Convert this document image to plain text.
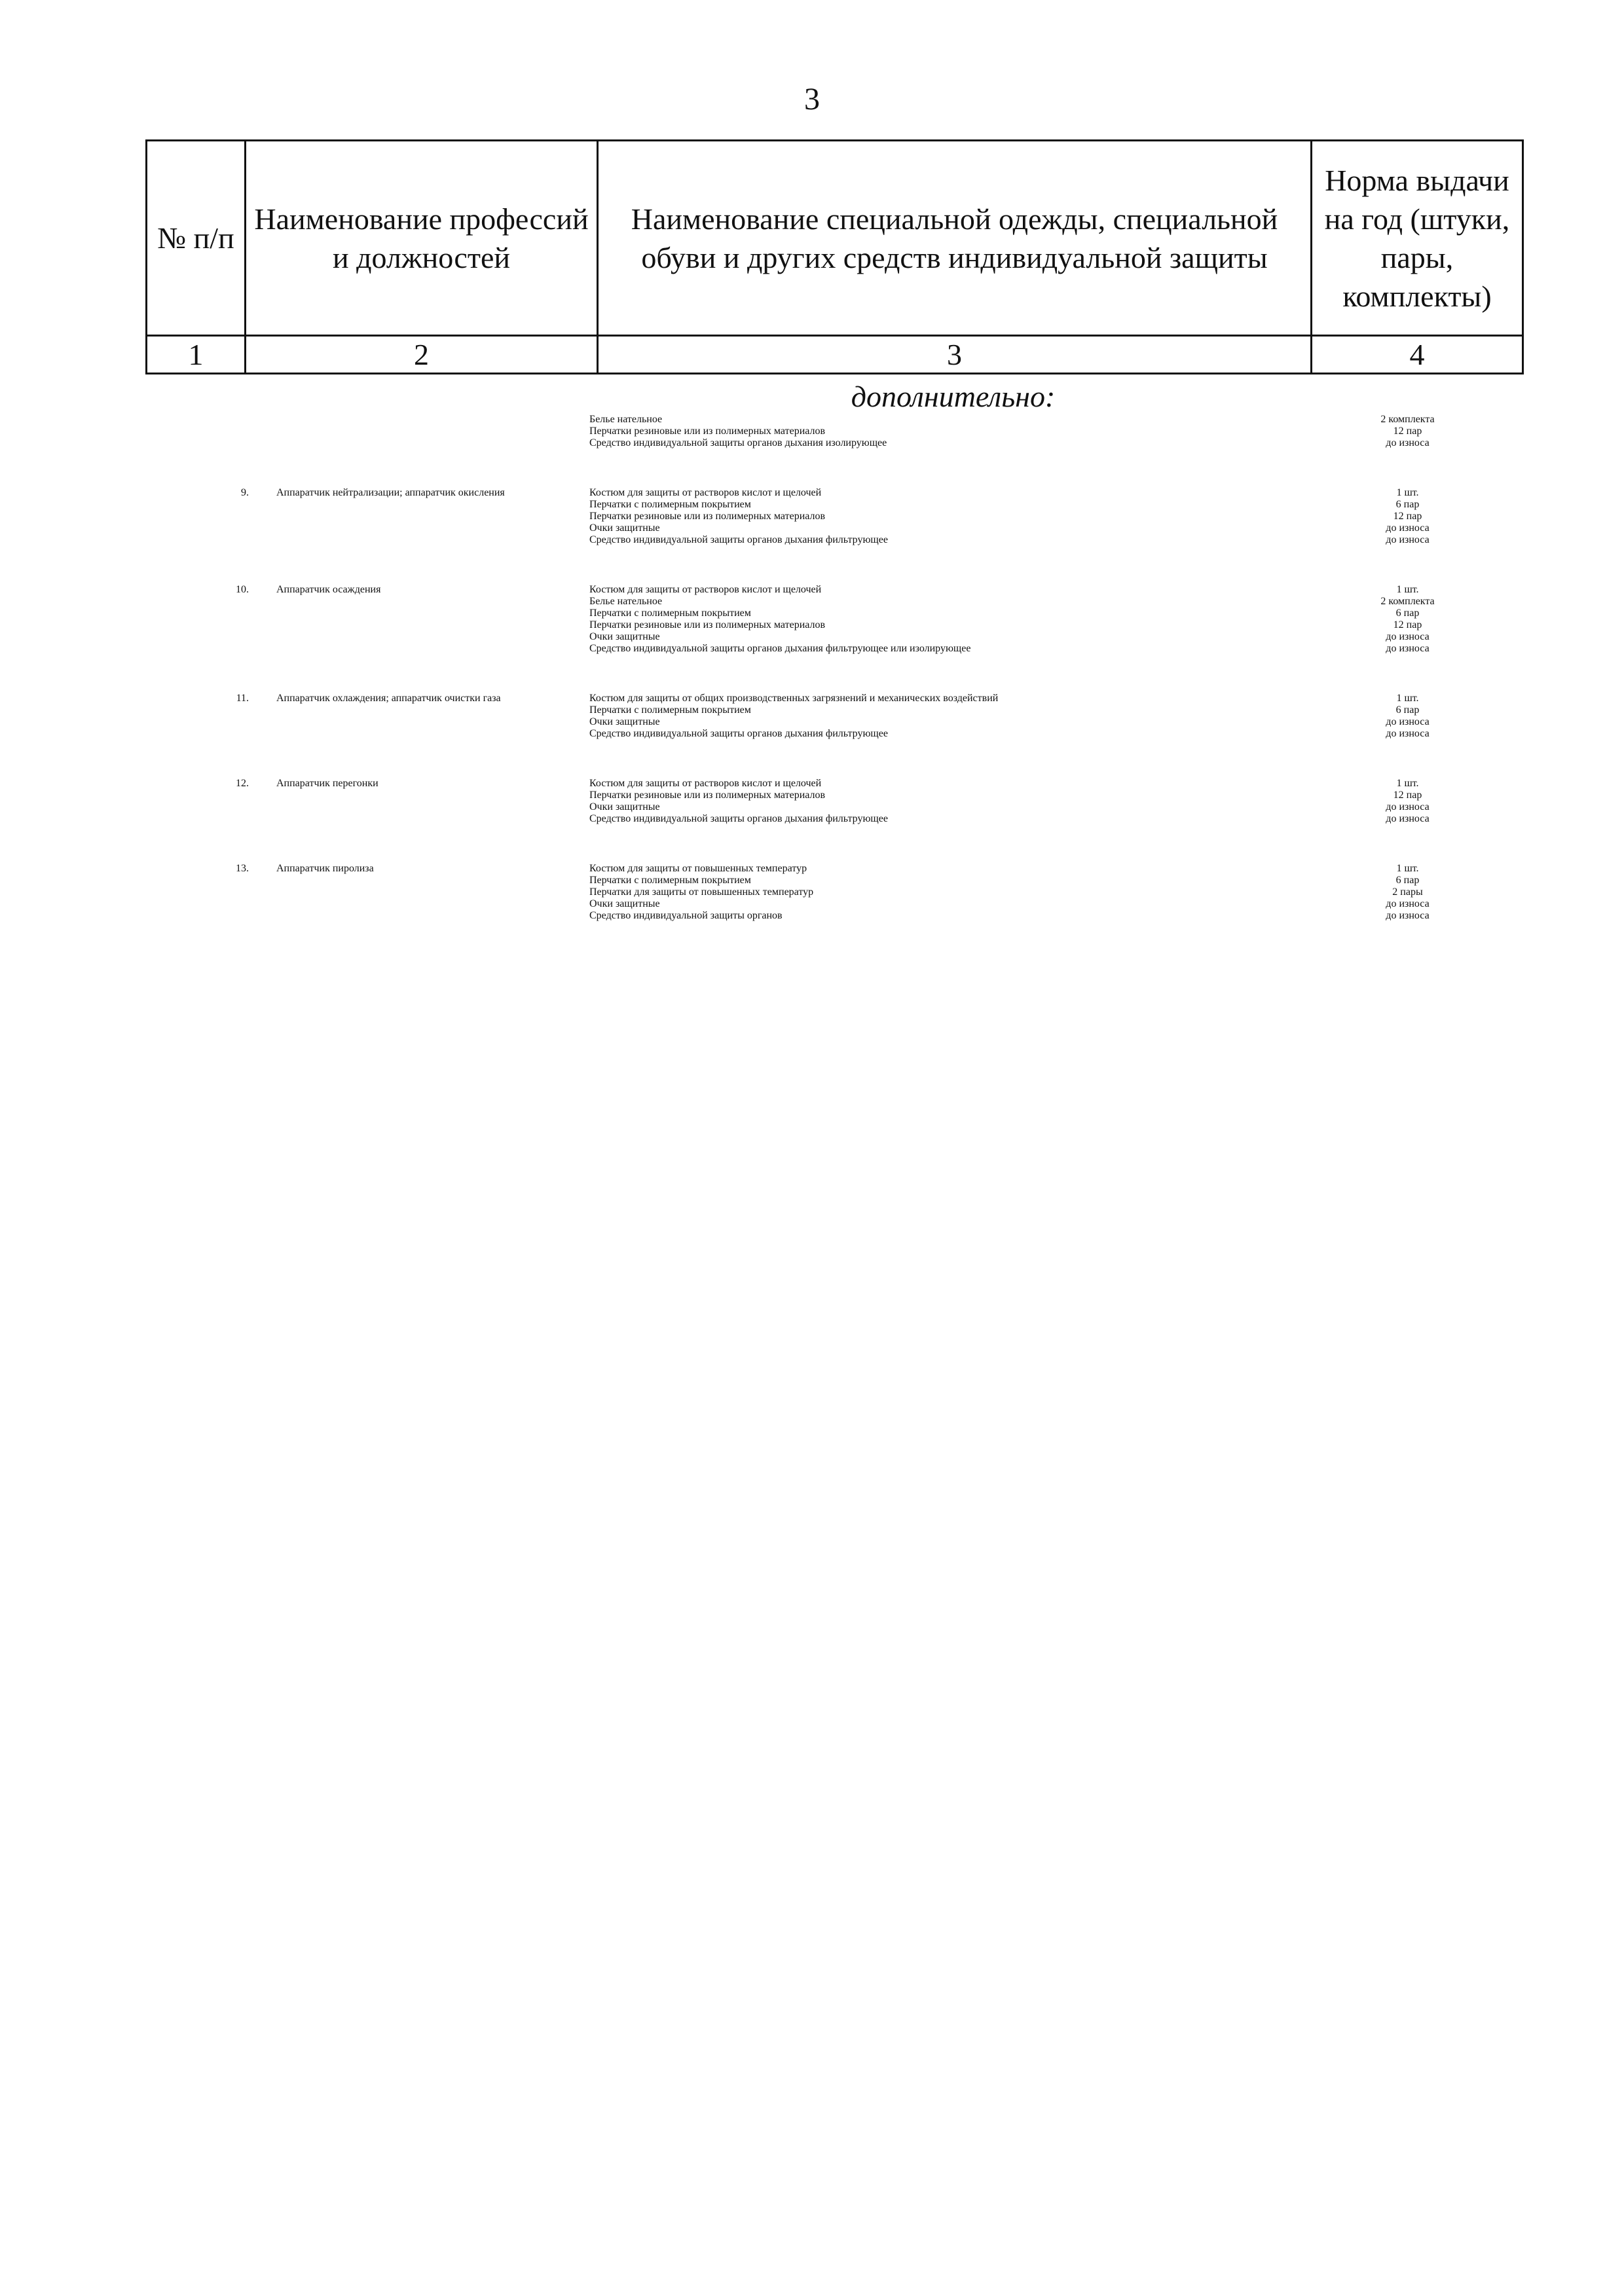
3
№ п/п	Наименование профессий и должностей	Наименование специальной одежды, специальной обуви и других средств индивидуальной защиты	Норма выдачи на год (штуки, пары, комплекты)
1	2	3	4
дополнительно:
Белье нательное	2 комплекта
Перчатки резиновые или из полимерных материалов	12 пар
Средство индивидуальной защиты органов дыхания изолирующее	до износа
9.	Аппаратчик нейтрализации; аппаратчик окисления	Костюм для защиты от растворов кислот и щелочей	1 шт.
Перчатки с полимерным покрытием	6 пар
Перчатки резиновые или из полимерных материалов	12 пар
Очки защитные	до износа
Средство индивидуальной защиты органов дыхания фильтрующее	до износа
10.	Аппаратчик осаждения	Костюм для защиты от растворов кислот и щелочей	1 шт.
Белье нательное	2 комплекта
Перчатки с полимерным покрытием	6 пар
Перчатки резиновые или из полимерных материалов	12 пар
Очки защитные	до износа
Средство индивидуальной защиты органов дыхания фильтрующее или изолирующее	до износа
11.	Аппаратчик охлаждения; аппаратчик очистки газа	Костюм для защиты от общих производственных загрязнений и механических воздействий	1 шт.
Перчатки с полимерным покрытием	6 пар
Очки защитные	до износа
Средство индивидуальной защиты органов дыхания фильтрующее	до износа
12.	Аппаратчик перегонки	Костюм для защиты от растворов кислот и щелочей	1 шт.
Перчатки резиновые или из полимерных материалов	12 пар
Очки защитные	до износа
Средство индивидуальной защиты органов дыхания фильтрующее	до износа
13.	Аппаратчик пиролиза	Костюм для защиты от повышенных температур	1 шт.
Перчатки с полимерным покрытием	6 пар
Перчатки для защиты от повышенных температур	2 пары
Очки защитные	до износа
Средство индивидуальной защиты органов	до износа
